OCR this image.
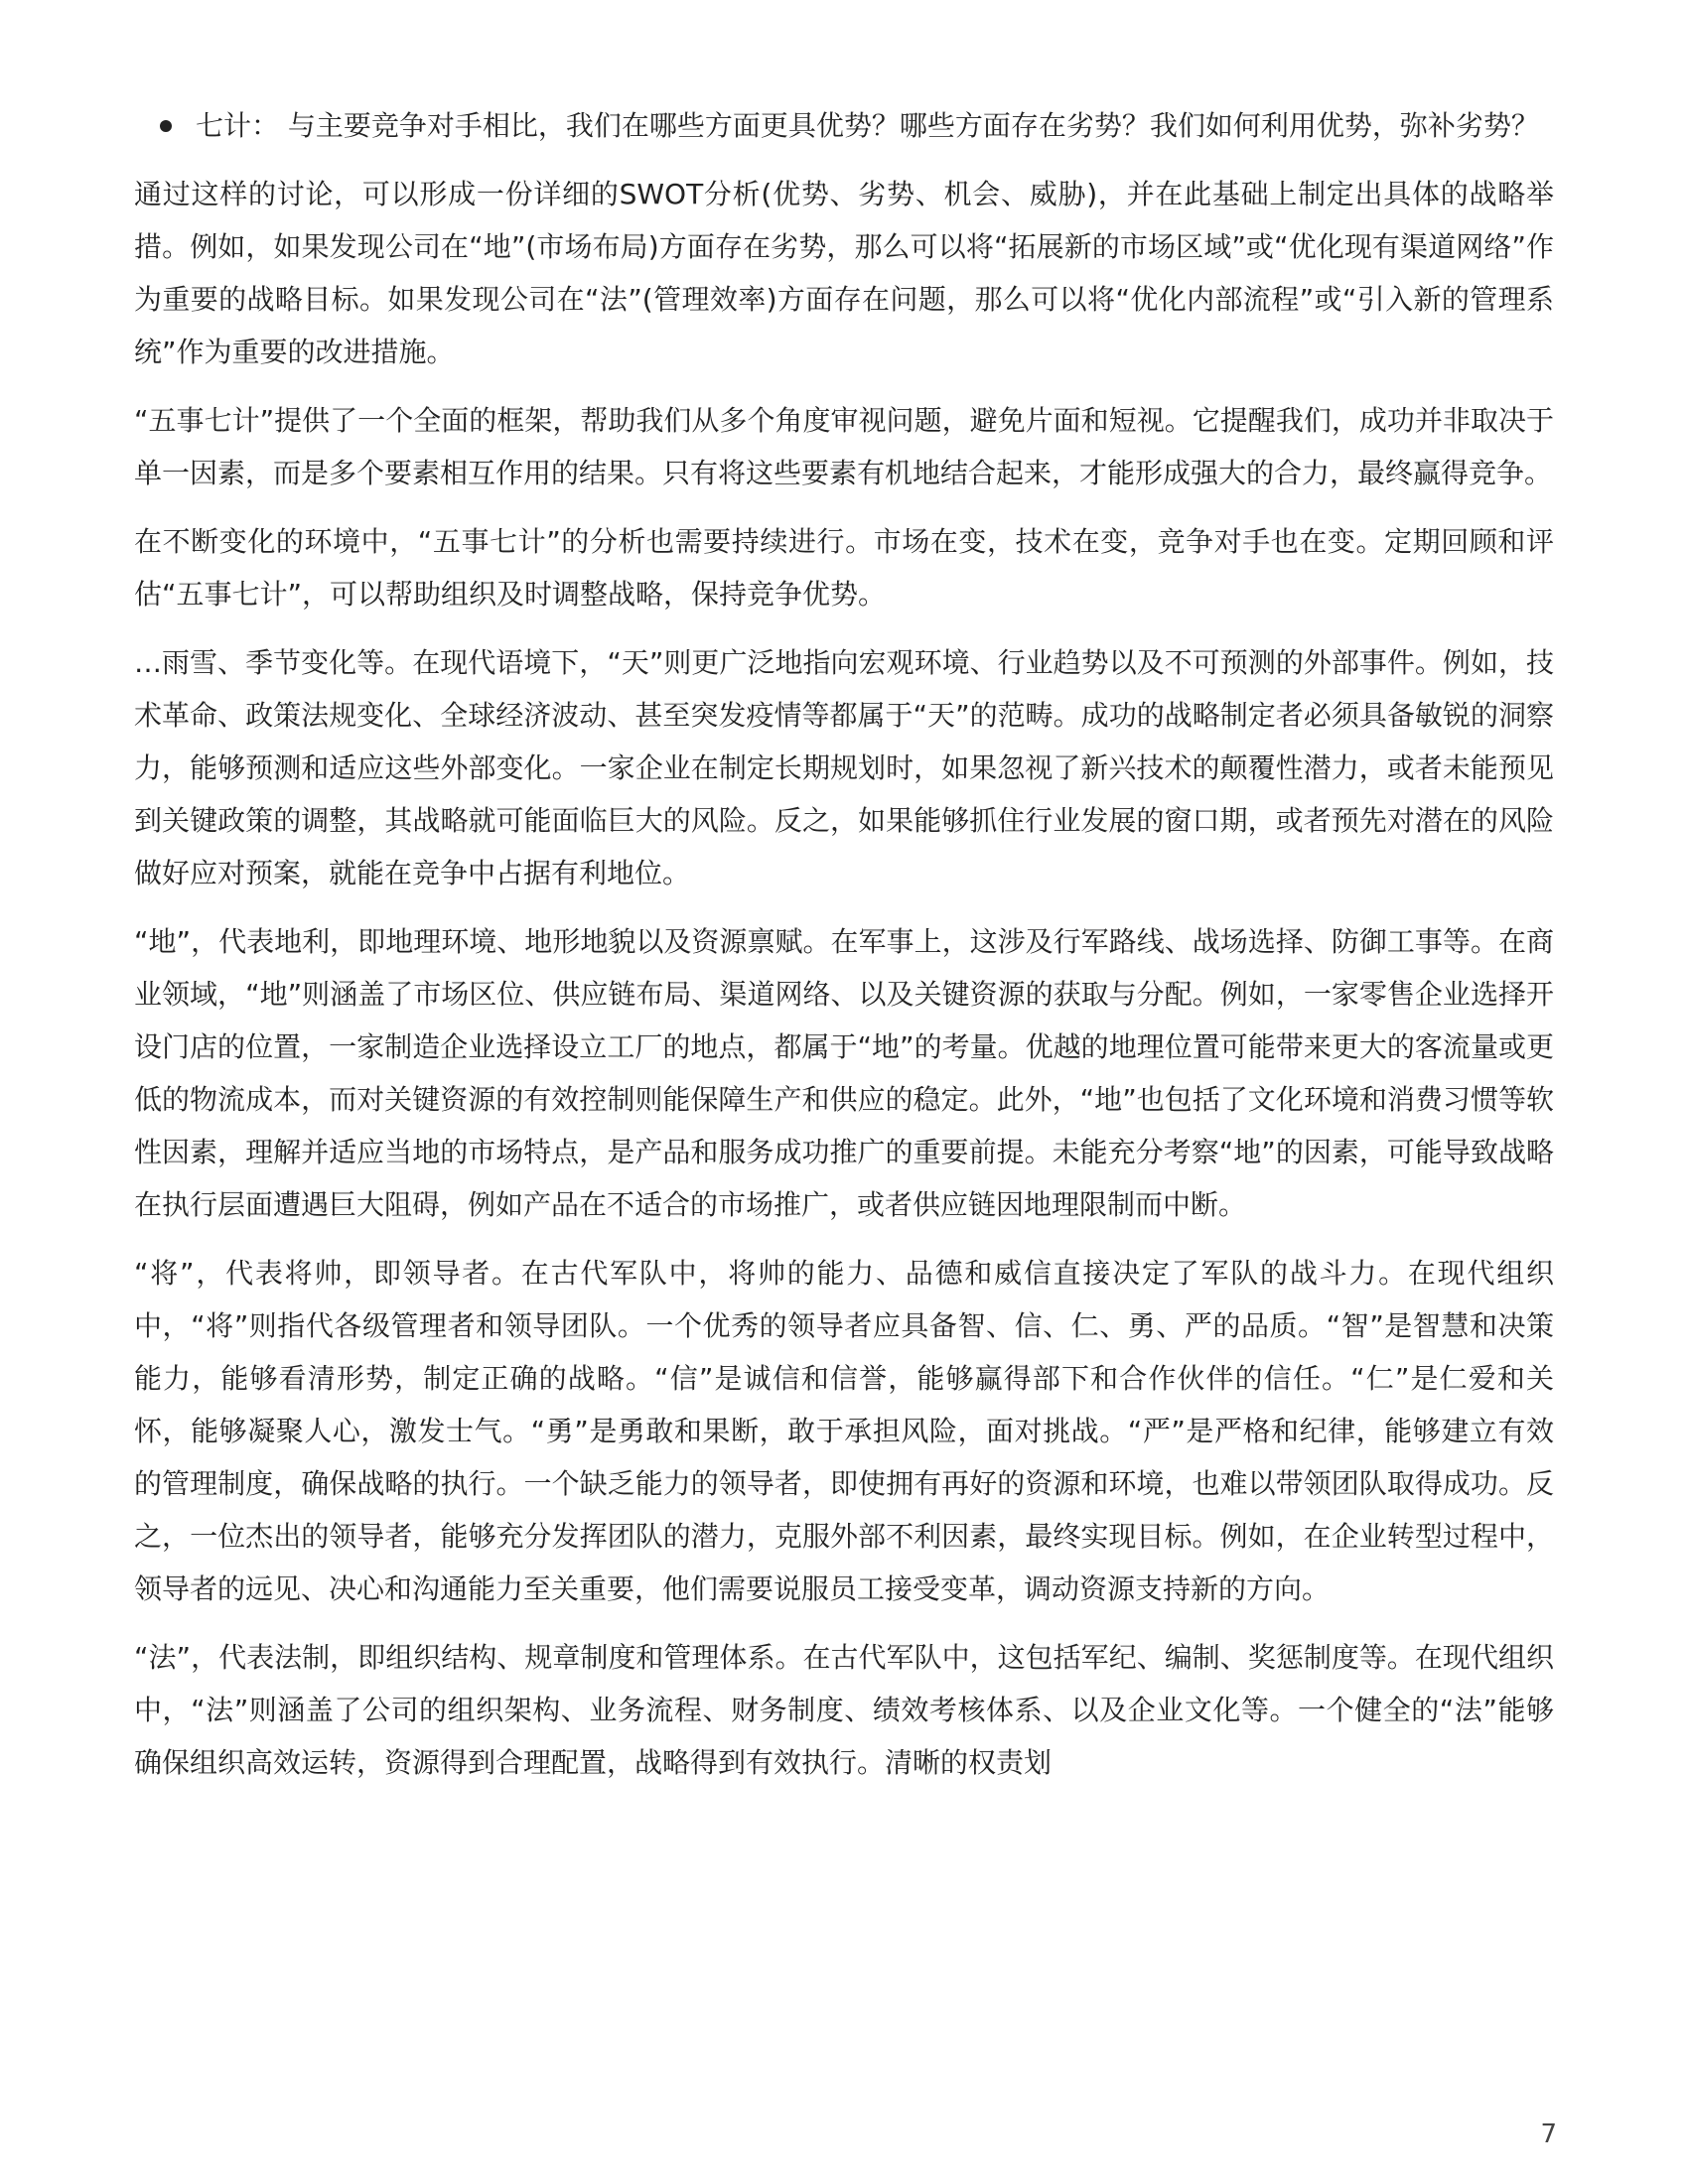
七计： 与主要竞争对手相比，我们在哪些方面更具优势？哪些方面存在劣势？我们如何利用优势，弥补劣势？

通过这样的讨论，可以形成一份详细的SWOT分析(优势、劣势、机会、威胁)，并在此基础上制定出具体的战略举措。例如，如果发现公司在“地”(市场布局)方面存在劣势，那么可以将“拓展新的市场区域”或“优化现有渠道网络”作为重要的战略目标。如果发现公司在“法”(管理效率)方面存在问题，那么可以将“优化内部流程”或“引入新的管理系统”作为重要的改进措施。

“五事七计”提供了一个全面的框架，帮助我们从多个角度审视问题，避免片面和短视。它提醒我们，成功并非取决于单一因素，而是多个要素相互作用的结果。只有将这些要素有机地结合起来，才能形成强大的合力，最终赢得竞争。

在不断变化的环境中，“五事七计”的分析也需要持续进行。市场在变，技术在变，竞争对手也在变。定期回顾和评估“五事七计”，可以帮助组织及时调整战略，保持竞争优势。

…雨雪、季节变化等。在现代语境下，“天”则更广泛地指向宏观环境、行业趋势以及不可预测的外部事件。例如，技术革命、政策法规变化、全球经济波动、甚至突发疫情等都属于“天”的范畴。成功的战略制定者必须具备敏锐的洞察力，能够预测和适应这些外部变化。一家企业在制定长期规划时，如果忽视了新兴技术的颠覆性潜力，或者未能预见到关键政策的调整，其战略就可能面临巨大的风险。反之，如果能够抓住行业发展的窗口期，或者预先对潜在的风险做好应对预案，就能在竞争中占据有利地位。

“地”，代表地利，即地理环境、地形地貌以及资源禀赋。在军事上，这涉及行军路线、战场选择、防御工事等。在商业领域，“地”则涵盖了市场区位、供应链布局、渠道网络、以及关键资源的获取与分配。例如，一家零售企业选择开设门店的位置，一家制造企业选择设立工厂的地点，都属于“地”的考量。优越的地理位置可能带来更大的客流量或更低的物流成本，而对关键资源的有效控制则能保障生产和供应的稳定。此外，“地”也包括了文化环境和消费习惯等软性因素，理解并适应当地的市场特点，是产品和服务成功推广的重要前提。未能充分考察“地”的因素，可能导致战略在执行层面遭遇巨大阻碍，例如产品在不适合的市场推广，或者供应链因地理限制而中断。

“将”，代表将帅，即领导者。在古代军队中，将帅的能力、品德和威信直接决定了军队的战斗力。在现代组织中，“将”则指代各级管理者和领导团队。一个优秀的领导者应具备智、信、仁、勇、严的品质。“智”是智慧和决策能力，能够看清形势，制定正确的战略。“信”是诚信和信誉，能够赢得部下和合作伙伴的信任。“仁”是仁爱和关怀，能够凝聚人心，激发士气。“勇”是勇敢和果断，敢于承担风险，面对挑战。“严”是严格和纪律，能够建立有效的管理制度，确保战略的执行。一个缺乏能力的领导者，即使拥有再好的资源和环境，也难以带领团队取得成功。反之，一位杰出的领导者，能够充分发挥团队的潜力，克服外部不利因素，最终实现目标。例如，在企业转型过程中，领导者的远见、决心和沟通能力至关重要，他们需要说服员工接受变革，调动资源支持新的方向。

“法”，代表法制，即组织结构、规章制度和管理体系。在古代军队中，这包括军纪、编制、奖惩制度等。在现代组织中，“法”则涵盖了公司的组织架构、业务流程、财务制度、绩效考核体系、以及企业文化等。一个健全的“法”能够确保组织高效运转，资源得到合理配置，战略得到有效执行。清晰的权责划

7
